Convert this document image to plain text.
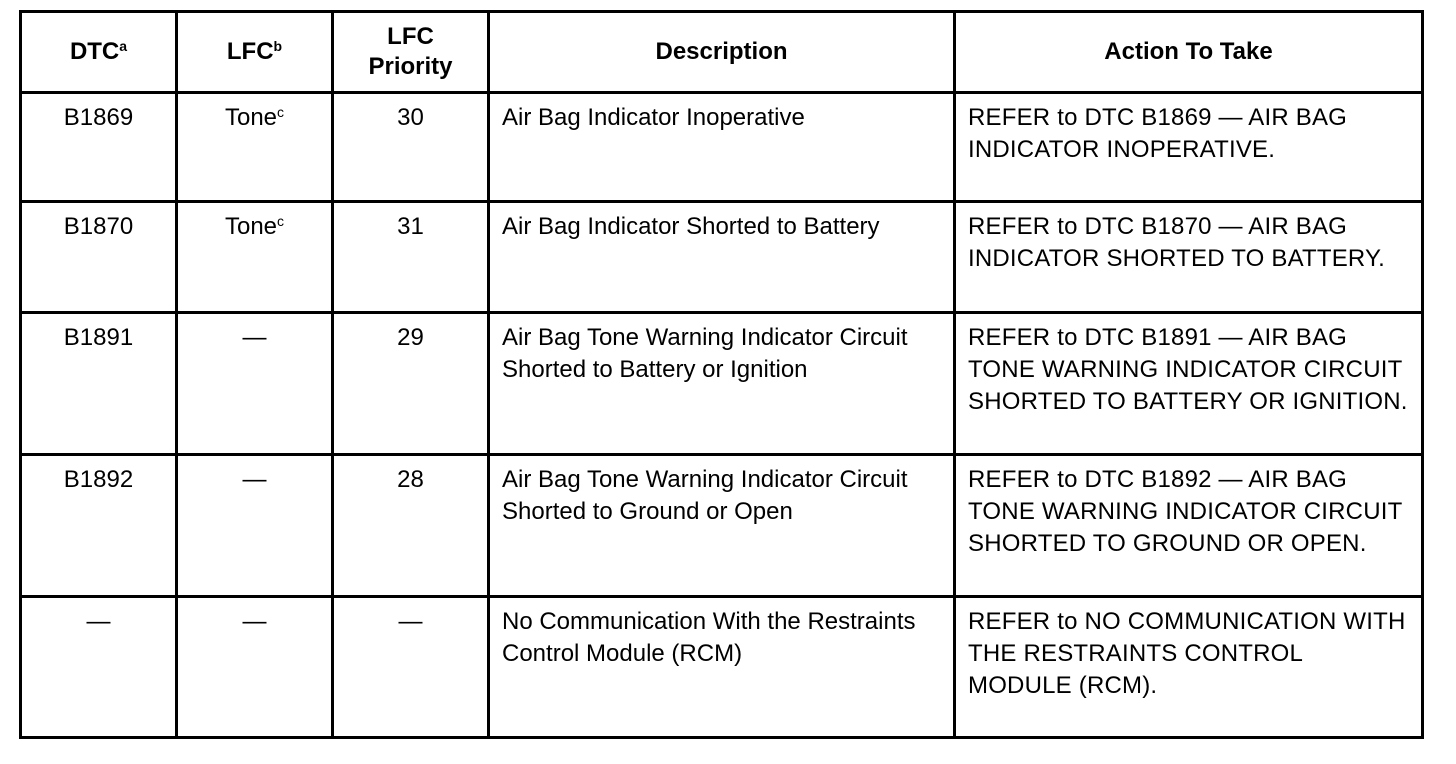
DTC$^a$	LFC$^b$	LFC Priority	Description	Action To Take

B1869	Tone$^c$	30	Air Bag Indicator Inoperative	REFER to DTC B1869 — AIR BAG INDICATOR INOPERATIVE.

B1870	Tone$^c$	31	Air Bag Indicator Shorted to Battery	REFER to DTC B1870 — AIR BAG INDICATOR SHORTED TO BATTERY.

B1891	—	29	Air Bag Tone Warning Indicator Circuit Shorted to Battery or Ignition	REFER to DTC B1891 — AIR BAG TONE WARNING INDICATOR CIRCUIT SHORTED TO BATTERY OR IGNITION.

B1892	—	28	Air Bag Tone Warning Indicator Circuit Shorted to Ground or Open	REFER to DTC B1892 — AIR BAG TONE WARNING INDICATOR CIRCUIT SHORTED TO GROUND OR OPEN.

—	—	—	No Communication With the Restraints Control Module (RCM)	REFER to NO COMMUNICATION WITH THE RESTRAINTS CONTROL MODULE (RCM).
